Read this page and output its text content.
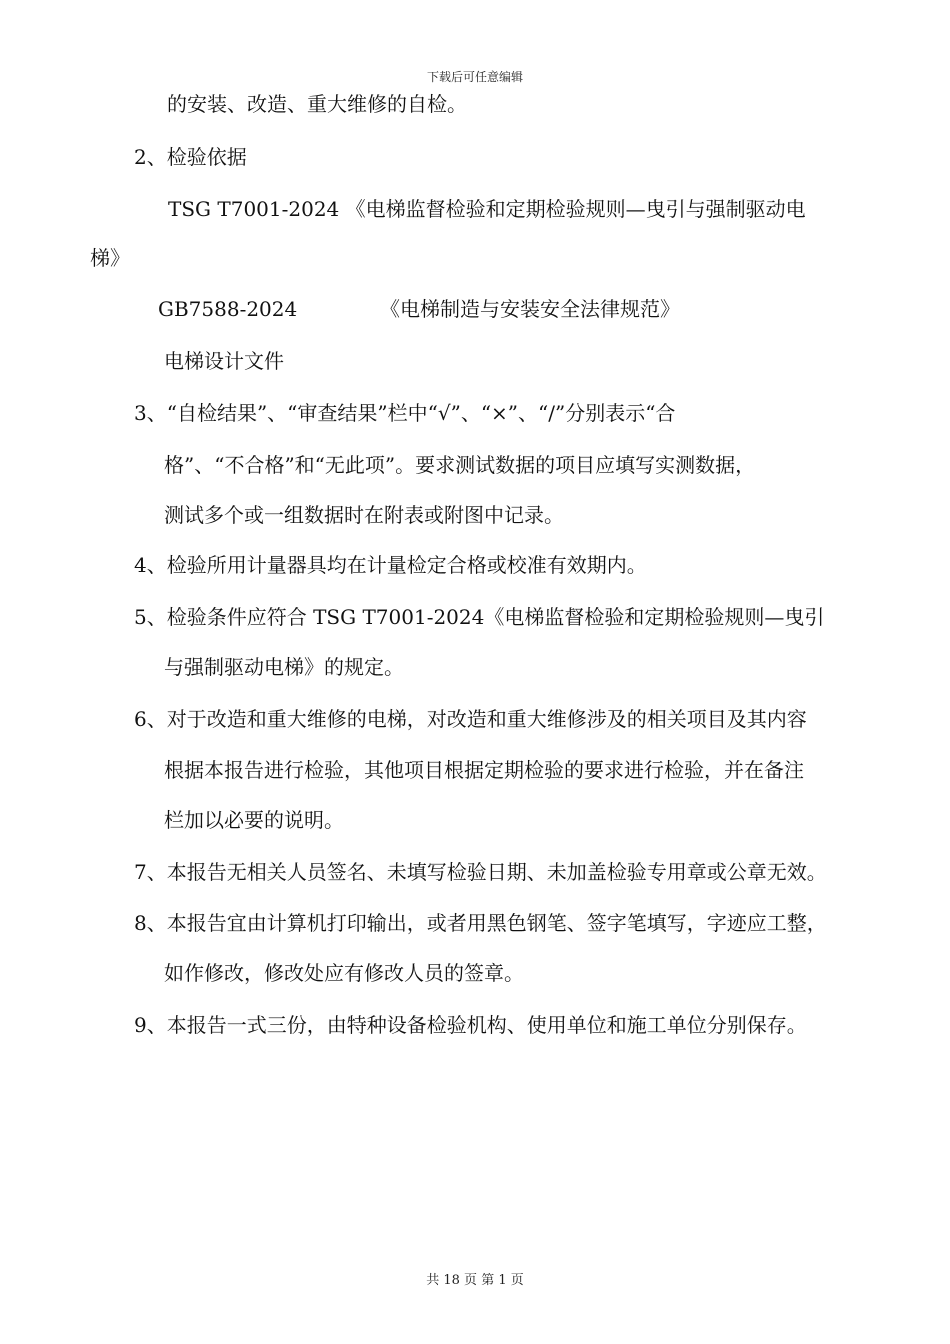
下载后可任意编辑
的安装、改造、重大维修的自检。
2、检验依据
TSG T7001-2024 《电梯监督检验和定期检验规则—曳引与强制驱动电
梯》
GB7588-2024	《电梯制造与安装安全法律规范》
电梯设计文件
3、“自检结果”、“审查结果”栏中“√”、“×”、“/”分别表示“合
格”、“不合格”和“无此项”。要求测试数据的项目应填写实测数据，
测试多个或一组数据时在附表或附图中记录。
4、检验所用计量器具均在计量检定合格或校准有效期内。
5、检验条件应符合 TSG T7001-2024《电梯监督检验和定期检验规则—曳引
与强制驱动电梯》的规定。
6、对于改造和重大维修的电梯，对改造和重大维修涉及的相关项目及其内容
根据本报告进行检验，其他项目根据定期检验的要求进行检验，并在备注
栏加以必要的说明。
7、本报告无相关人员签名、未填写检验日期、未加盖检验专用章或公章无效。
8、本报告宜由计算机打印输出，或者用黑色钢笔、签字笔填写，字迹应工整，
如作修改，修改处应有修改人员的签章。
9、本报告一式三份，由特种设备检验机构、使用单位和施工单位分别保存。
共 18 页 第 1 页
